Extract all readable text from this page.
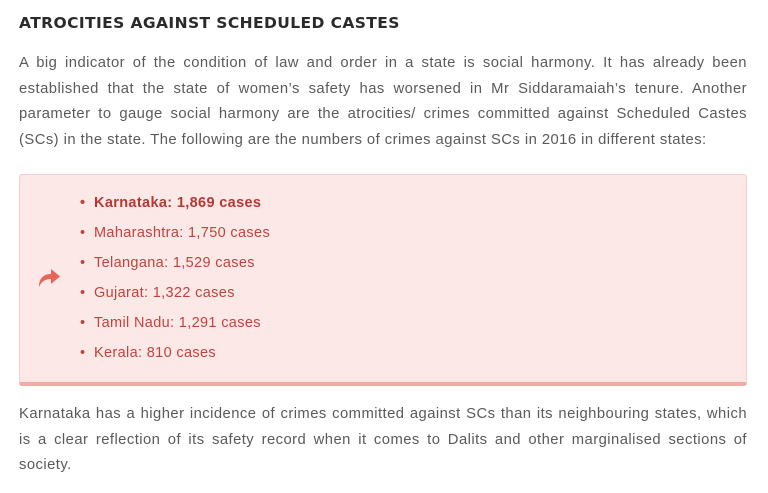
ATROCITIES AGAINST SCHEDULED CASTES

A big indicator of the condition of law and order in a state is social harmony. It has already been established that the state of women’s safety has worsened in Mr Siddaramaiah’s tenure. Another parameter to gauge social harmony are the atrocities/ crimes committed against Scheduled Castes (SCs) in the state. The following are the numbers of crimes against SCs in 2016 in different states:

• Karnataka: 1,869 cases
• Maharashtra: 1,750 cases
• Telangana: 1,529 cases
• Gujarat: 1,322 cases
• Tamil Nadu: 1,291 cases
• Kerala: 810 cases

Karnataka has a higher incidence of crimes committed against SCs than its neighbouring states, which is a clear reflection of its safety record when it comes to Dalits and other marginalised sections of society.
